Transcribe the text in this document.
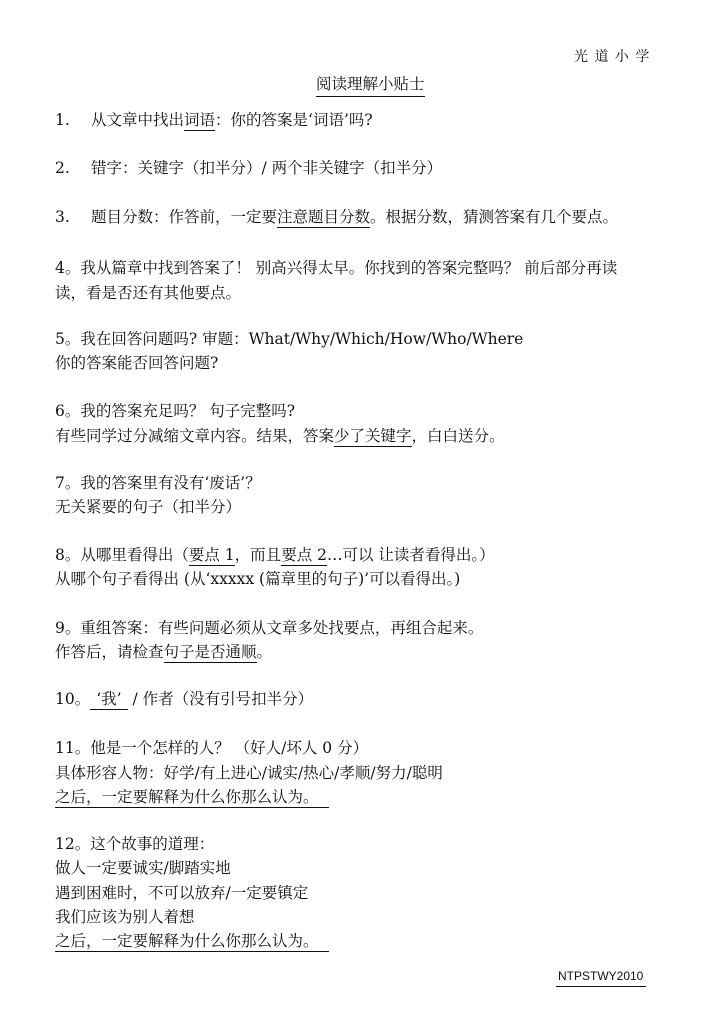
光 道 小 学
阅读理解小贴士
1. 从文章中找出词语：你的答案是‘词语’吗?
2. 错字：关键字（扣半分）/ 两个非关键字（扣半分）
3. 题目分数：作答前，一定要注意题目分数。根据分数，猜测答案有几个要点。
4。我从篇章中找到答案了！ 别高兴得太早。你找到的答案完整吗？ 前后部分再读
读，看是否还有其他要点。
5。我在回答问题吗? 审题：What/Why/Which/How/Who/Where
你的答案能否回答问题?
6。我的答案充足吗？ 句子完整吗?
有些同学过分减缩文章内容。结果，答案少了关键字，白白送分。
7。我的答案里有没有‘废话’？
无关紧要的句子（扣半分）
8。从哪里看得出（要点 1，而且要点 2…可以 让读者看得出。）
从哪个句子看得出 (从‘xxxxx (篇章里的句子)’可以看得出。)
9。重组答案：有些问题必须从文章多处找要点，再组合起来。
作答后，请检查句子是否通顺。
10。 ‘我’ / 作者（没有引号扣半分）
11。他是一个怎样的人？ （好人/坏人 0 分）
具体形容人物：好学/有上进心/诚实/热心/孝顺/努力/聪明
之后，一定要解释为什么你那么认为。
12。这个故事的道理：
做人一定要诚实/脚踏实地
遇到困难时，不可以放弃/一定要镇定
我们应该为别人着想
之后，一定要解释为什么你那么认为。
NTPSTWY2010
